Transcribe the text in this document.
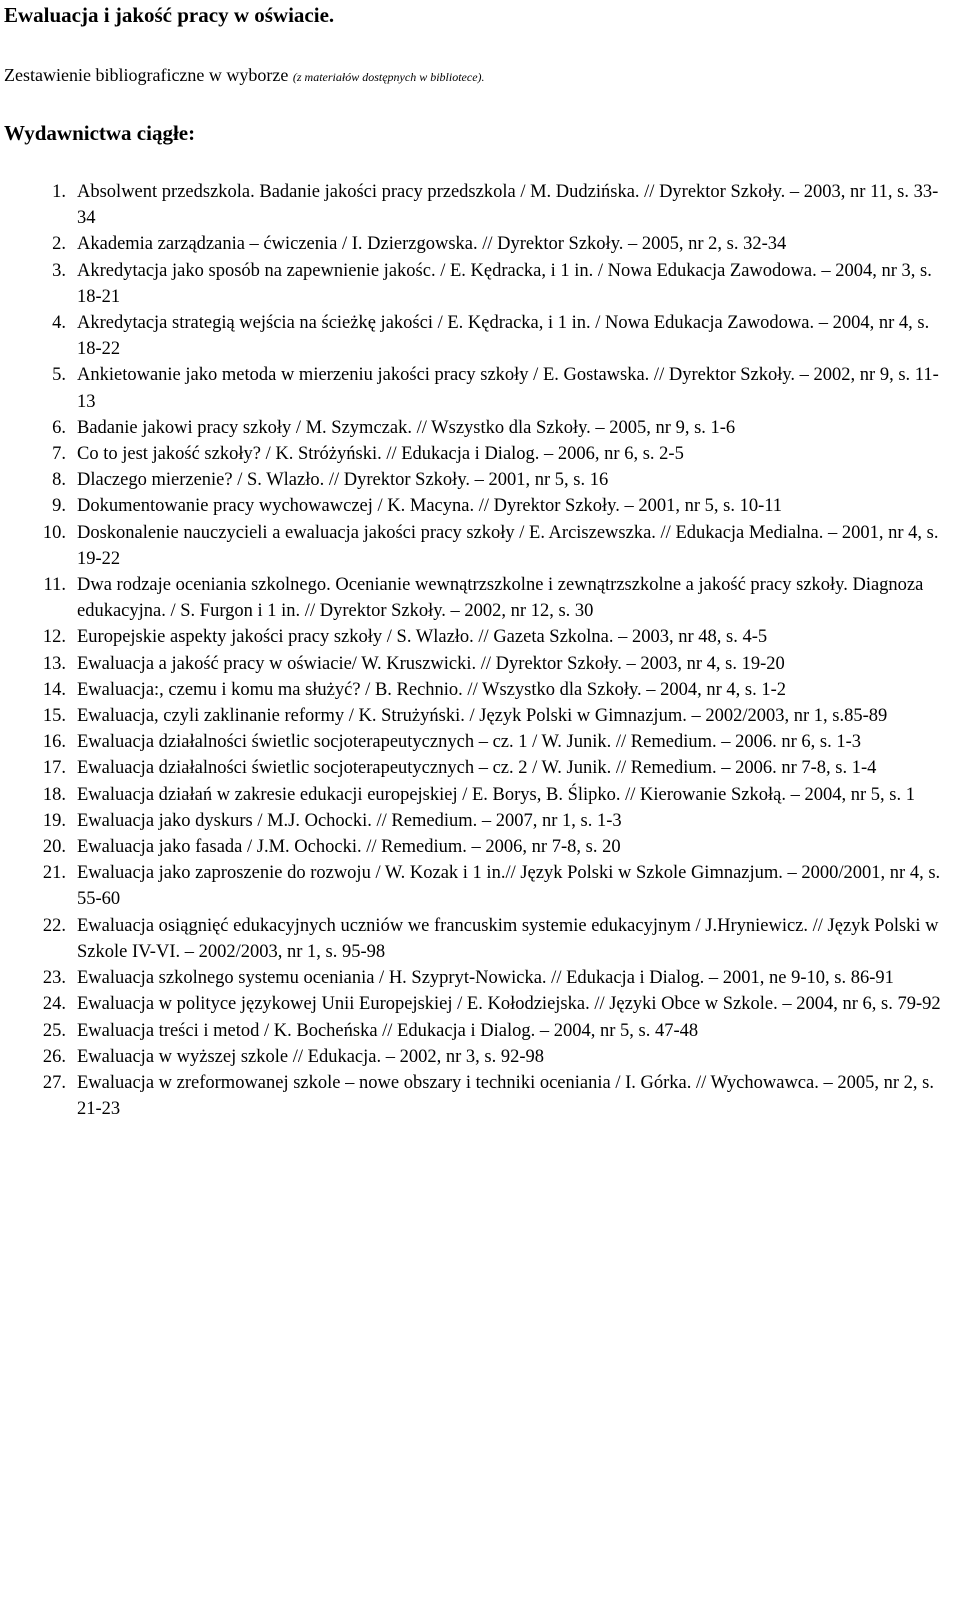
Ewaluacja i jakość pracy w oświacie.
Zestawienie bibliograficzne w wyborze (z materiałów dostępnych w bibliotece).
Wydawnictwa ciągłe:
1. Absolwent przedszkola. Badanie jakości pracy przedszkola / M. Dudzińska. // Dyrektor Szkoły. – 2003, nr 11, s. 33-34
2. Akademia zarządzania – ćwiczenia / I. Dzierzgowska. // Dyrektor Szkoły. – 2005, nr 2, s. 32-34
3. Akredytacja jako sposób na zapewnienie jakośc. / E. Kędracka, i 1 in. / Nowa Edukacja Zawodowa. – 2004, nr 3, s. 18-21
4. Akredytacja strategią wejścia na ścieżkę jakości / E. Kędracka, i 1 in. / Nowa Edukacja Zawodowa. – 2004, nr 4, s. 18-22
5. Ankietowanie jako metoda w mierzeniu jakości pracy szkoły / E. Gostawska. // Dyrektor Szkoły. – 2002, nr 9, s. 11-13
6. Badanie jakowi pracy szkoły / M. Szymczak. // Wszystko dla Szkoły. – 2005, nr 9, s. 1-6
7. Co to jest jakość szkoły? / K. Stróżyński. // Edukacja i Dialog. – 2006, nr 6, s. 2-5
8. Dlaczego mierzenie? / S. Wlazło. // Dyrektor Szkoły. – 2001, nr 5, s. 16
9. Dokumentowanie pracy wychowawczej / K. Macyna. // Dyrektor Szkoły. – 2001, nr 5, s. 10-11
10. Doskonalenie nauczycieli a ewaluacja jakości pracy szkoły / E. Arciszewszka. // Edukacja Medialna. – 2001, nr 4, s. 19-22
11. Dwa rodzaje oceniania szkolnego. Ocenianie wewnątrzszkolne i zewnątrzszkolne a jakość pracy szkoły. Diagnoza edukacyjna. / S. Furgon i 1 in. // Dyrektor Szkoły. – 2002, nr 12, s. 30
12. Europejskie aspekty jakości pracy szkoły / S. Wlazło. // Gazeta Szkolna. – 2003, nr 48, s. 4-5
13. Ewaluacja a jakość pracy w oświacie/ W. Kruszwicki. // Dyrektor Szkoły. – 2003, nr 4, s. 19-20
14. Ewaluacja:, czemu i komu ma służyć? / B. Rechnio. // Wszystko dla Szkoły. – 2004, nr 4, s. 1-2
15. Ewaluacja, czyli zaklinanie reformy / K. Strużyński. / Język Polski w Gimnazjum. – 2002/2003, nr 1, s.85-89
16. Ewaluacja działalności świetlic socjoterapeutycznych – cz. 1 / W. Junik. // Remedium. – 2006. nr 6, s. 1-3
17. Ewaluacja działalności świetlic socjoterapeutycznych – cz. 2 / W. Junik. // Remedium. – 2006. nr 7-8, s. 1-4
18. Ewaluacja działań w zakresie edukacji europejskiej / E. Borys, B. Ślipko. // Kierowanie Szkołą. – 2004, nr 5, s. 1
19. Ewaluacja jako dyskurs / M.J. Ochocki. // Remedium. – 2007, nr 1, s. 1-3
20. Ewaluacja jako fasada / J.M. Ochocki. // Remedium. – 2006, nr 7-8, s. 20
21. Ewaluacja jako zaproszenie do rozwoju / W. Kozak i 1 in.// Język Polski w Szkole Gimnazjum. – 2000/2001, nr 4, s. 55-60
22. Ewaluacja osiągnięć edukacyjnych uczniów we francuskim systemie edukacyjnym / J.Hryniewicz. // Język Polski w Szkole IV-VI. – 2002/2003, nr 1, s. 95-98
23. Ewaluacja szkolnego systemu oceniania / H. Szypryt-Nowicka. // Edukacja i Dialog. – 2001, ne 9-10, s. 86-91
24. Ewaluacja w polityce językowej Unii Europejskiej / E. Kołodziejska. // Języki Obce w Szkole. – 2004, nr 6, s. 79-92
25. Ewaluacja treści i metod / K. Bocheńska // Edukacja i Dialog. – 2004, nr 5, s. 47-48
26. Ewaluacja w wyższej szkole // Edukacja. – 2002, nr 3, s. 92-98
27. Ewaluacja w zreformowanej szkole – nowe obszary i techniki oceniania / I. Górka. // Wychowawca. – 2005, nr 2, s. 21-23
